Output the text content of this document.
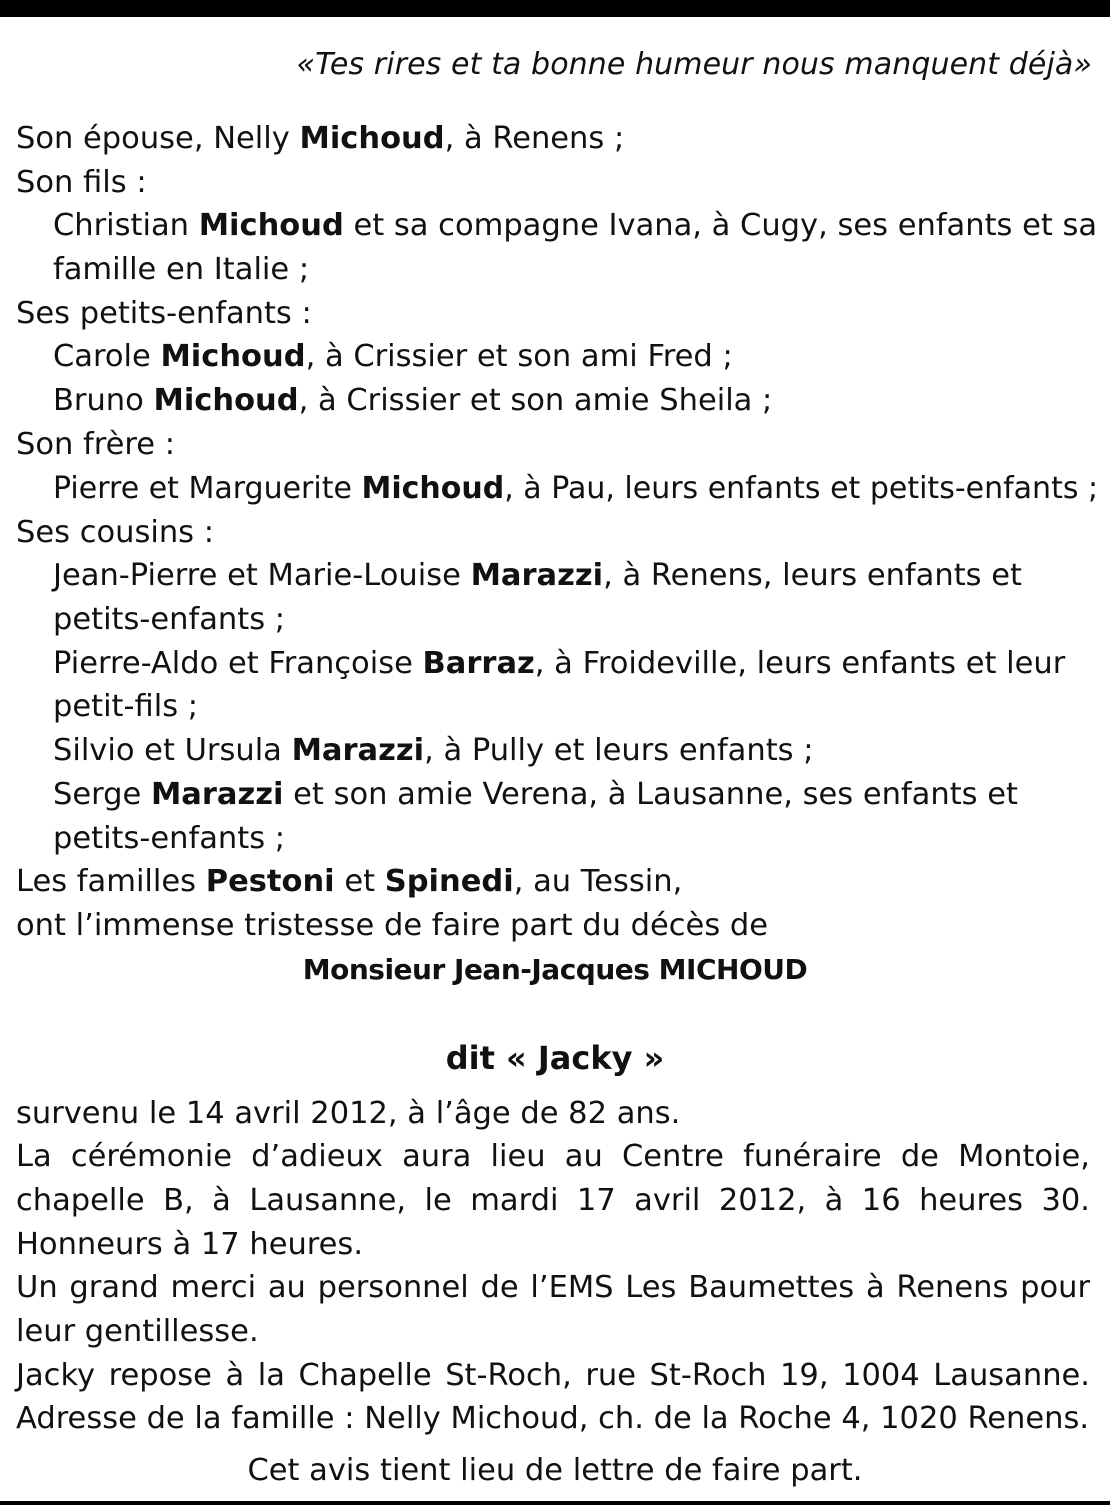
«Tes rires et ta bonne humeur nous manquent déjà»
Son épouse, Nelly Michoud, à Renens ;
Son fils :
Christian Michoud et sa compagne Ivana, à Cugy, ses enfants et sa
famille en Italie ;
Ses petits-enfants :
Carole Michoud, à Crissier et son ami Fred ;
Bruno Michoud, à Crissier et son amie Sheila ;
Son frère :
Pierre et Marguerite Michoud, à Pau, leurs enfants et petits-enfants ;
Ses cousins :
Jean-Pierre et Marie-Louise Marazzi, à Renens, leurs enfants et
petits-enfants ;
Pierre-Aldo et Françoise Barraz, à Froideville, leurs enfants et leur
petit-fils ;
Silvio et Ursula Marazzi, à Pully et leurs enfants ;
Serge Marazzi et son amie Verena, à Lausanne, ses enfants et
petits-enfants ;
Les familles Pestoni et Spinedi, au Tessin,
ont l’immense tristesse de faire part du décès de
Monsieur Jean-Jacques MICHOUD
dit « Jacky »
survenu le 14 avril 2012, à l’âge de 82 ans.
La cérémonie d’adieux aura lieu au Centre funéraire de Montoie,
chapelle B, à Lausanne, le mardi 17 avril 2012, à 16 heures 30.
Honneurs à 17 heures.
Un grand merci au personnel de l’EMS Les Baumettes à Renens pour
leur gentillesse.
Jacky repose à la Chapelle St-Roch, rue St-Roch 19, 1004 Lausanne.
Adresse de la famille : Nelly Michoud, ch. de la Roche 4, 1020 Renens.
Cet avis tient lieu de lettre de faire part.
